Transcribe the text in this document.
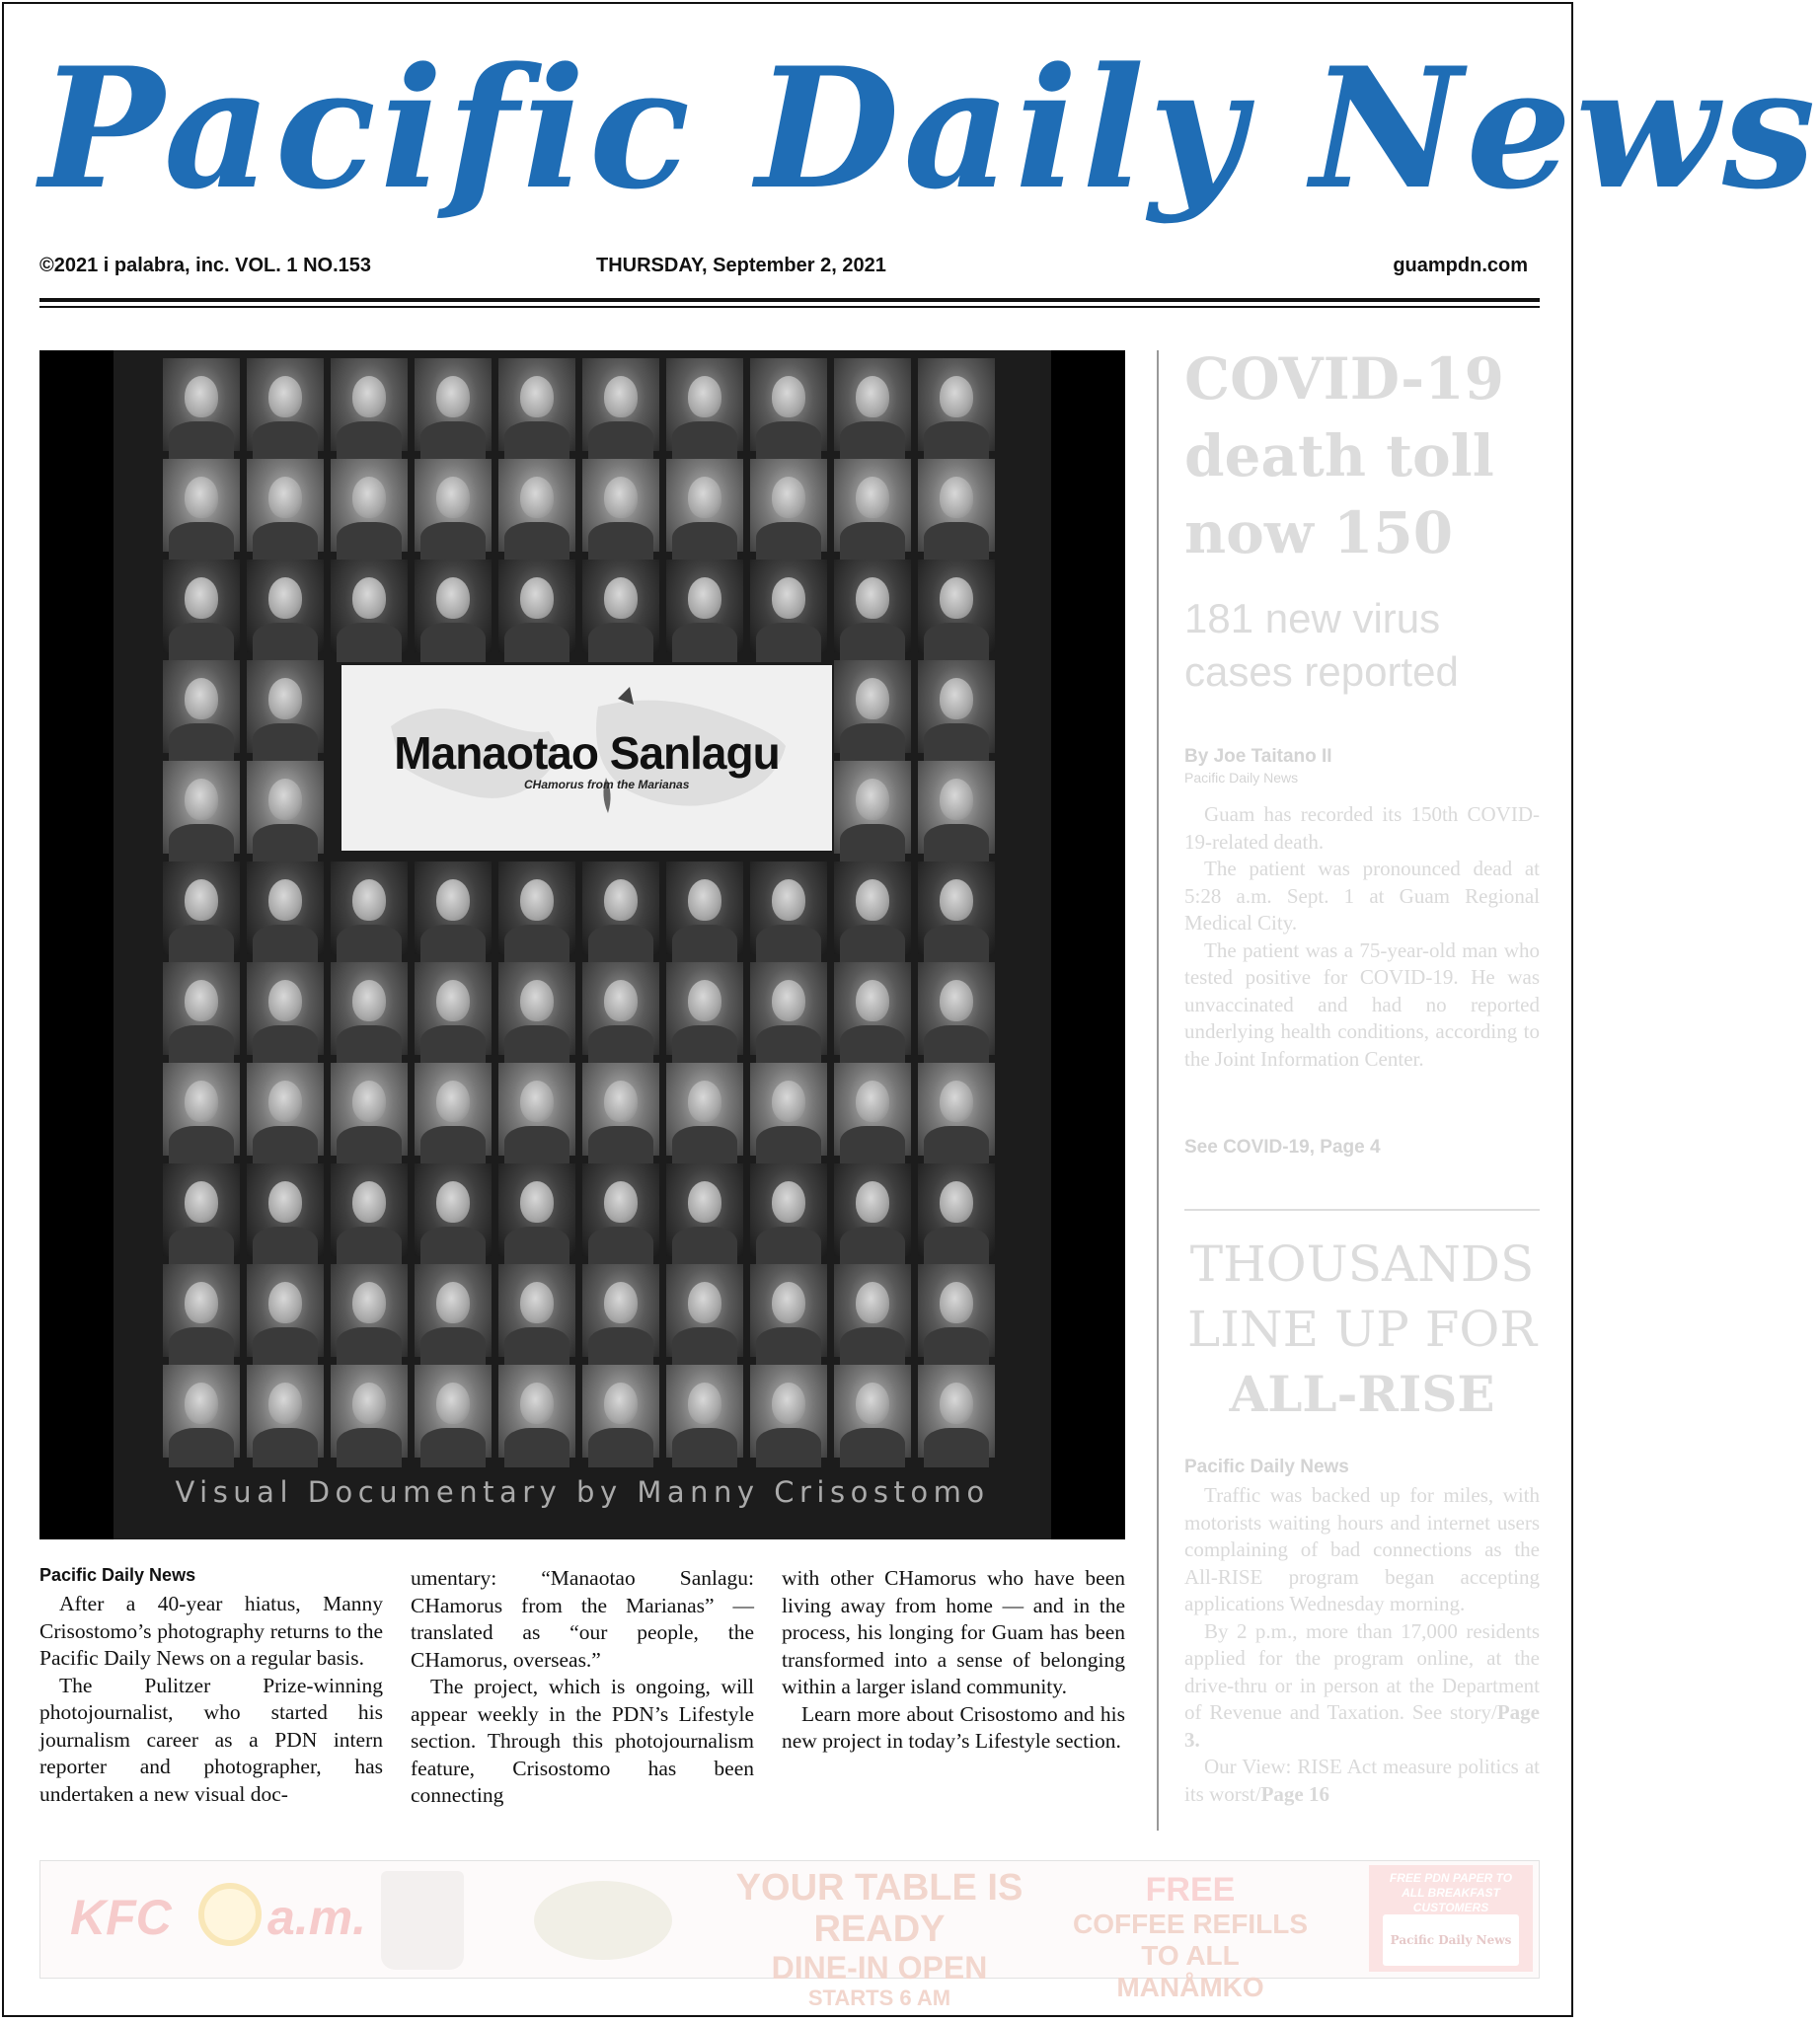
Pacific Daily News
©2021 i palabra, inc. VOL. 1 NO.153	THURSDAY, September 2, 2021	guampdn.com
Manaotao Sanlagu
CHamorus from the Marianas
Visual Documentary by Manny Crisostomo
Pacific Daily News

After a 40-year hiatus, Manny Crisostomo’s photography returns to the Pacific Daily News on a regular basis.

The Pulitzer Prize-winning photojournalist, who started his journalism career as a PDN intern reporter and photographer, has undertaken a new visual doc-

umentary: “Manaotao Sanlagu: CHamorus from the Marianas” — translated as “our people, the CHamorus, overseas.”

The project, which is ongoing, will appear weekly in the PDN’s Lifestyle section. Through this photojournalism feature, Crisostomo has been connecting

with other CHamorus who have been living away from home — and in the process, his longing for Guam has been transformed into a sense of belonging within a larger island community.

Learn more about Crisostomo and his new project in today’s Lifestyle section.

COVID-19 death toll now 150
181 new virus cases reported
By Joe Taitano II
Pacific Daily News

Guam has recorded its 150th COVID-19-related death.

The patient was pronounced dead at 5:28 a.m. Sept. 1 at Guam Regional Medical City.

The patient was a 75-year-old man who tested positive for COVID-19. He was unvaccinated and had no reported underlying health conditions, according to the Joint Information Center.

See COVID-19, Page 4
THOUSANDS
LINE UP FOR
ALL-RISE
Pacific Daily News

Traffic was backed up for miles, with motorists waiting hours and internet users complaining of bad connections as the All-RISE program began accepting applications Wednesday morning.

By 2 p.m., more than 17,000 residents applied for the program online, at the drive-thru or in person at the Department of Revenue and Taxation. See story/Page 3.

Our View: RISE Act measure politics at its worst/Page 16

KFC a.m.
YOUR TABLE IS READY
DINE-IN OPEN
STARTS 6 AM
FREE
COFFEE REFILLS
TO ALL MANÅMKO
FREE PDN PAPER TO ALL BREAKFAST CUSTOMERS
Pacific Daily News
